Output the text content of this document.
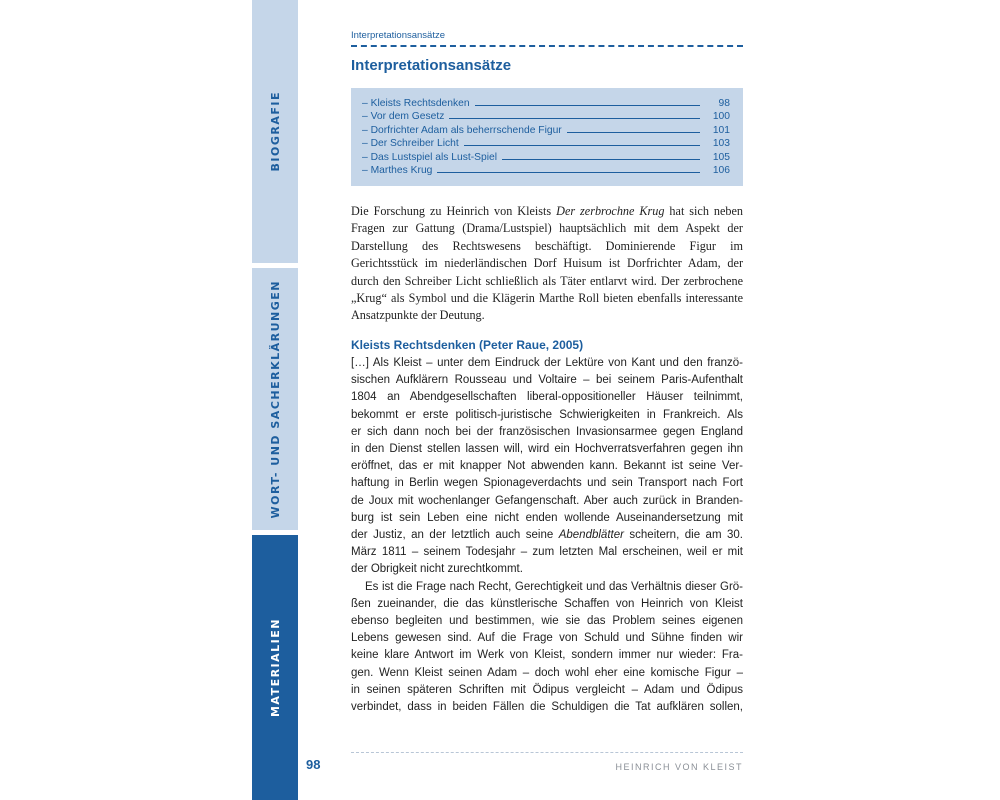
BIOGRAFIE
WORT- UND SACHERKLÄRUNGEN
MATERIALIEN
Interpretationsansätze
Interpretationsansätze
– Kleists Rechtsdenken	98
– Vor dem Gesetz	100
– Dorfrichter Adam als beherrschende Figur	101
– Der Schreiber Licht	103
– Das Lustspiel als Lust-Spiel	105
– Marthes Krug	106

Die Forschung zu Heinrich von Kleists Der zerbrochne Krug hat sich neben Fragen zur Gattung (Drama/Lustspiel) hauptsächlich mit dem Aspekt der Darstellung des Rechtswesens beschäftigt. Dominierende Figur im Gerichtsstück im niederländischen Dorf Huisum ist Dorfrichter Adam, der durch den Schreiber Licht schließlich als Täter entlarvt wird. Der zerbrochene „Krug“ als Symbol und die Klägerin Marthe Roll bieten ebenfalls interessante Ansatzpunkte der Deutung.

Kleists Rechtsdenken (Peter Raue, 2005)
[…] Als Kleist – unter dem Eindruck der Lektüre von Kant und den franzö-
sischen Aufklärern Rousseau und Voltaire – bei seinem Paris-Aufenthalt
1804 an Abendgesellschaften liberal-oppositioneller Häuser teilnimmt,
bekommt er erste politisch-juristische Schwierigkeiten in Frankreich. Als
er sich dann noch bei der französischen Invasionsarmee gegen England
in den Dienst stellen lassen will, wird ein Hochverratsverfahren gegen ihn
eröffnet, das er mit knapper Not abwenden kann. Bekannt ist seine Ver-
haftung in Berlin wegen Spionageverdachts und sein Transport nach Fort
de Joux mit wochenlanger Gefangenschaft. Aber auch zurück in Branden-
burg ist sein Leben eine nicht enden wollende Auseinandersetzung mit
der Justiz, an der letztlich auch seine Abendblätter scheitern, die am 30.
März 1811 – seinem Todesjahr – zum letzten Mal erscheinen, weil er mit
der Obrigkeit nicht zurechtkommt.
Es ist die Frage nach Recht, Gerechtigkeit und das Verhältnis dieser Grö-
ßen zueinander, die das künstlerische Schaffen von Heinrich von Kleist
ebenso begleiten und bestimmen, wie sie das Problem seines eigenen
Lebens gewesen sind. Auf die Frage von Schuld und Sühne finden wir
keine klare Antwort im Werk von Kleist, sondern immer nur wieder: Fra-
gen. Wenn Kleist seinen Adam – doch wohl eher eine komische Figur –
in seinen späteren Schriften mit Ödipus vergleicht – Adam und Ödipus
verbindet, dass in beiden Fällen die Schuldigen die Tat aufklären sollen,
98	HEINRICH VON KLEIST
